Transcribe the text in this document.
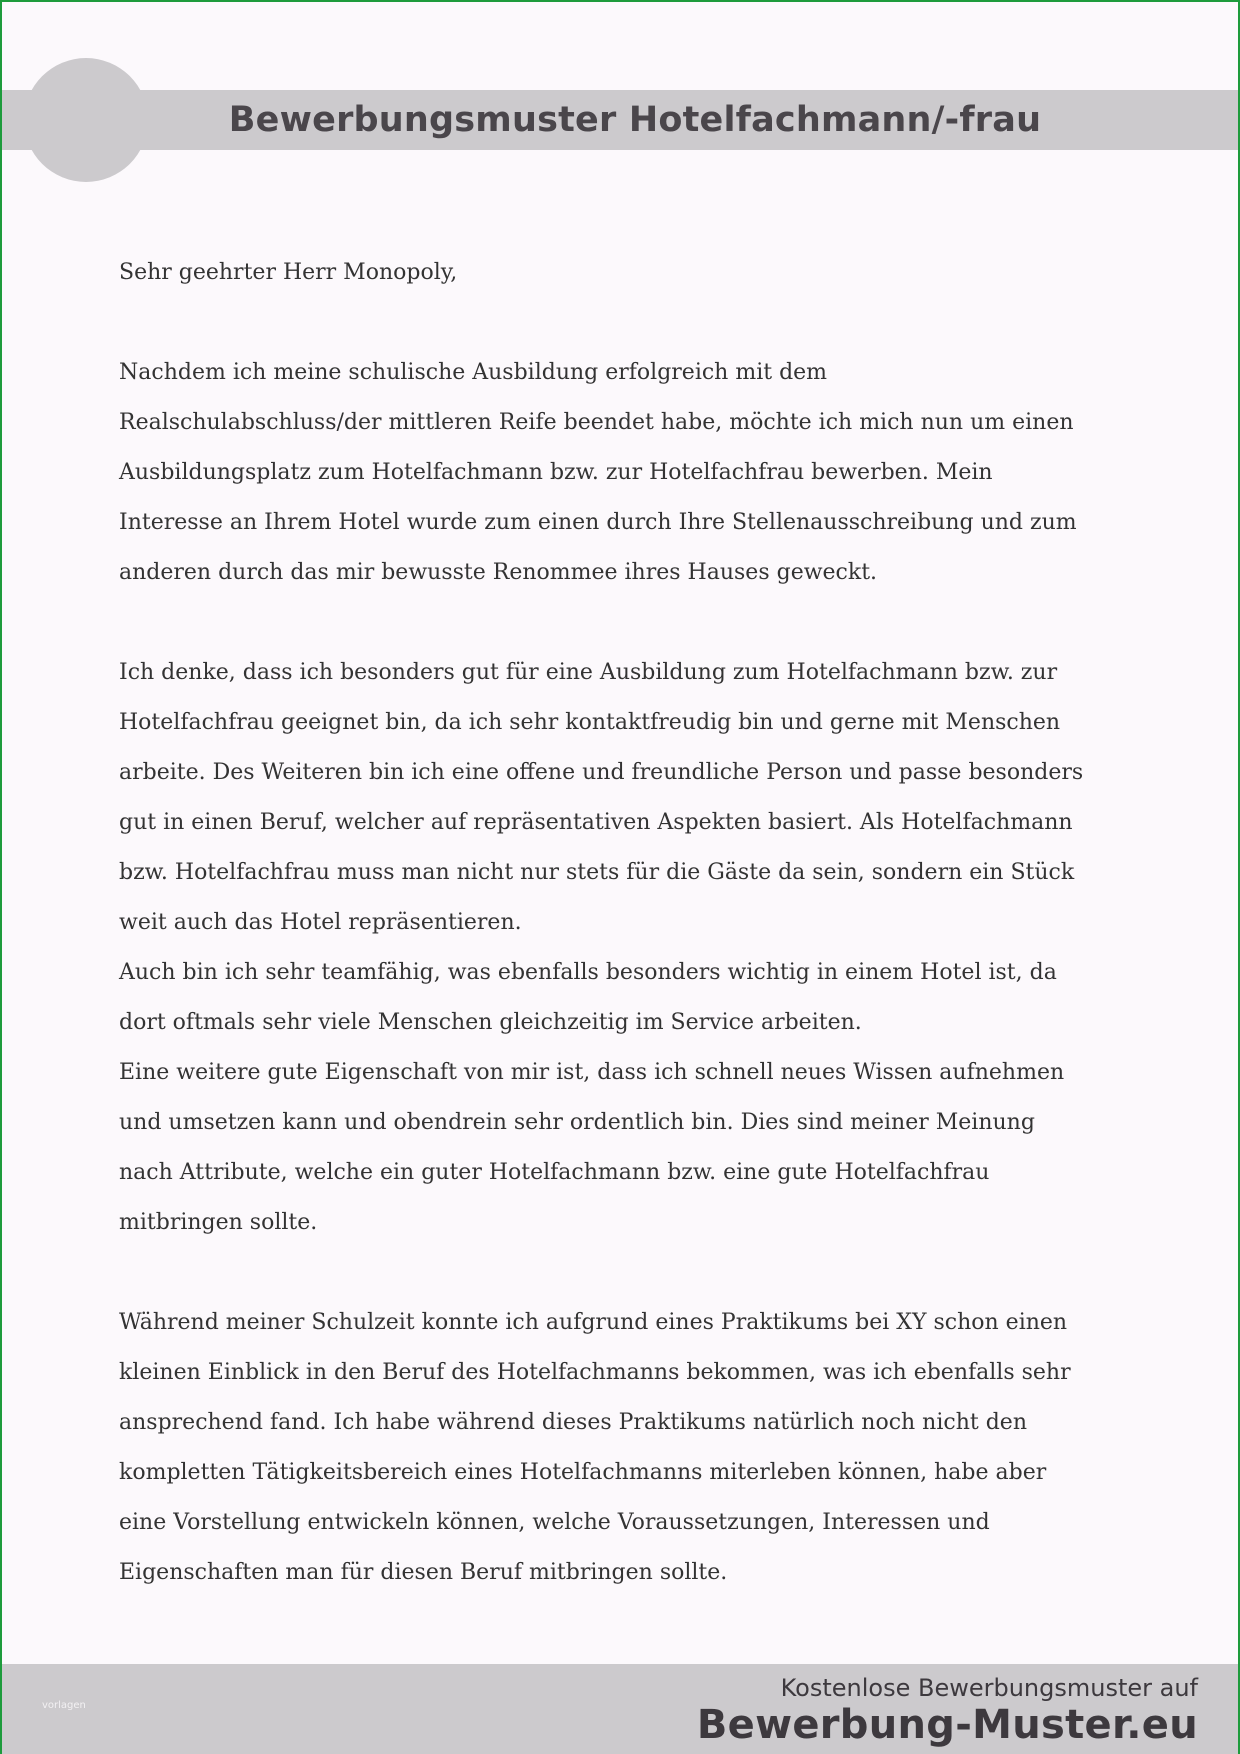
Bewerbungsmuster Hotelfachmann/-frau

Sehr geehrter Herr Monopoly,

Nachdem ich meine schulische Ausbildung erfolgreich mit dem
Realschulabschluss/der mittleren Reife beendet habe, möchte ich mich nun um einen
Ausbildungsplatz zum Hotelfachmann bzw. zur Hotelfachfrau bewerben. Mein
Interesse an Ihrem Hotel wurde zum einen durch Ihre Stellenausschreibung und zum
anderen durch das mir bewusste Renommee ihres Hauses geweckt.

Ich denke, dass ich besonders gut für eine Ausbildung zum Hotelfachmann bzw. zur
Hotelfachfrau geeignet bin, da ich sehr kontaktfreudig bin und gerne mit Menschen
arbeite. Des Weiteren bin ich eine offene und freundliche Person und passe besonders
gut in einen Beruf, welcher auf repräsentativen Aspekten basiert. Als Hotelfachmann
bzw. Hotelfachfrau muss man nicht nur stets für die Gäste da sein, sondern ein Stück
weit auch das Hotel repräsentieren.
Auch bin ich sehr teamfähig, was ebenfalls besonders wichtig in einem Hotel ist, da
dort oftmals sehr viele Menschen gleichzeitig im Service arbeiten.
Eine weitere gute Eigenschaft von mir ist, dass ich schnell neues Wissen aufnehmen
und umsetzen kann und obendrein sehr ordentlich bin. Dies sind meiner Meinung
nach Attribute, welche ein guter Hotelfachmann bzw. eine gute Hotelfachfrau
mitbringen sollte.

Während meiner Schulzeit konnte ich aufgrund eines Praktikums bei XY schon einen
kleinen Einblick in den Beruf des Hotelfachmanns bekommen, was ich ebenfalls sehr
ansprechend fand. Ich habe während dieses Praktikums natürlich noch nicht den
kompletten Tätigkeitsbereich eines Hotelfachmanns miterleben können, habe aber
eine Vorstellung entwickeln können, welche Voraussetzungen, Interessen und
Eigenschaften man für diesen Beruf mitbringen sollte.

vorlagen
Kostenlose Bewerbungsmuster auf
Bewerbung-Muster.eu
